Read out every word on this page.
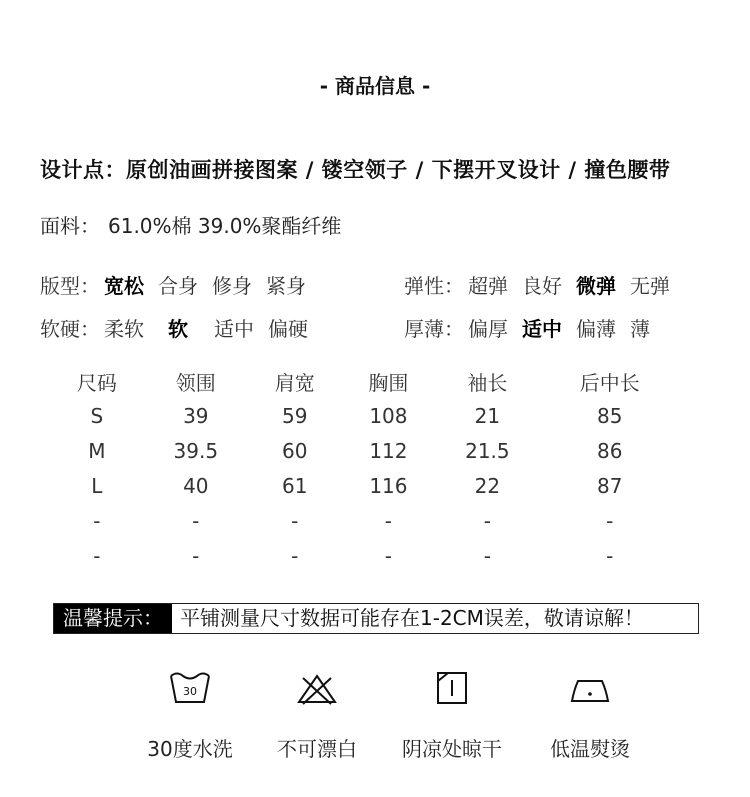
- 商品信息 -
设计点：原创油画拼接图案 / 镂空领子 / 下摆开叉设计 / 撞色腰带
面料： 61.0%棉 39.0%聚酯纤维
版型： 宽松 合身 修身 紧身	弹性： 超弹 良好 微弹 无弹
软硬： 柔软 软 适中 偏硬	厚薄： 偏厚 适中 偏薄 薄
尺码	领围	肩宽	胸围	袖长	后中长
S	39	59	108	21	85
M	39.5	60	112	21.5	86
L	40	61	116	22	87
-	-	-	-	-	-
-	-	-	-	-	-
温馨提示： 平铺测量尺寸数据可能存在1-2CM误差，敬请谅解！
30
30度水洗	不可漂白	阴凉处晾干	低温熨烫
